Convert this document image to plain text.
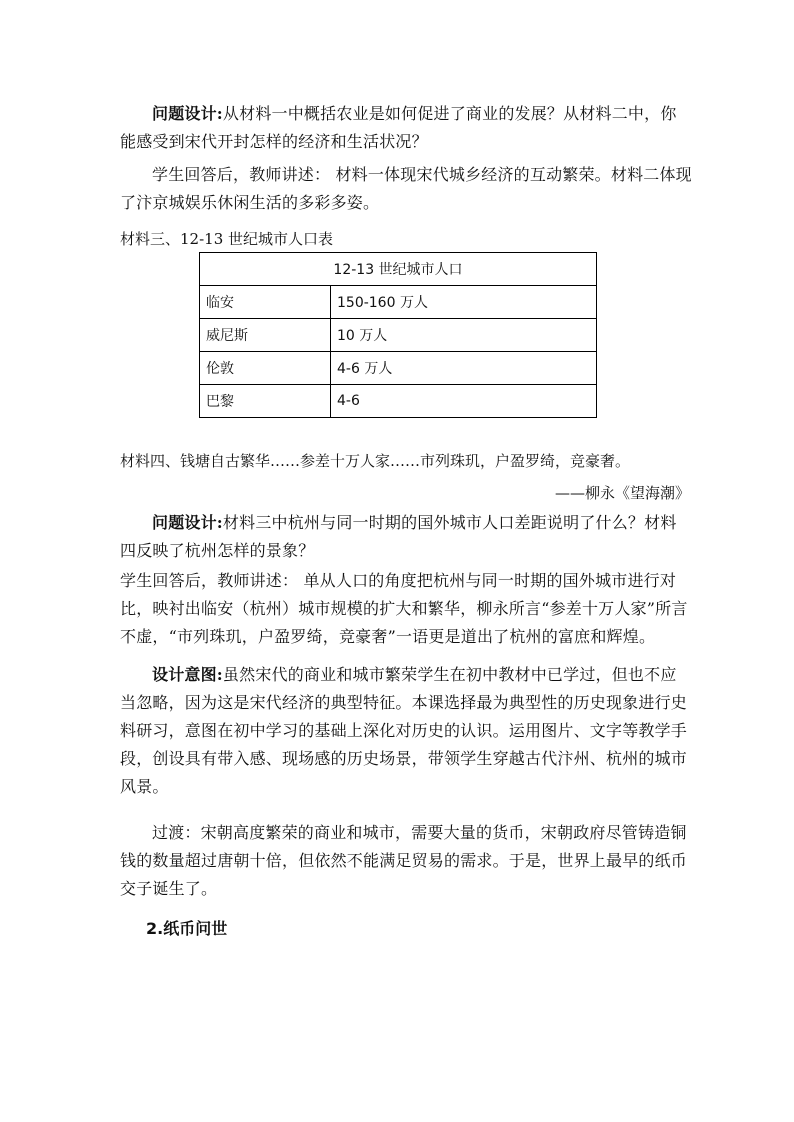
问题设计:从材料一中概括农业是如何促进了商业的发展？从材料二中，你能感受到宋代开封怎样的经济和生活状况？

学生回答后，教师讲述： 材料一体现宋代城乡经济的互动繁荣。材料二体现了汴京城娱乐休闲生活的多彩多姿。

材料三、12-13 世纪城市人口表
12-13 世纪城市人口	
临安	150-160 万人
威尼斯	10 万人
伦敦	4-6 万人
巴黎	4-6
材料四、钱塘自古繁华……参差十万人家……市列珠玑，户盈罗绮，竞豪奢。
——柳永《望海潮》

问题设计:材料三中杭州与同一时期的国外城市人口差距说明了什么？材料四反映了杭州怎样的景象？

学生回答后，教师讲述： 单从人口的角度把杭州与同一时期的国外城市进行对比，映衬出临安（杭州）城市规模的扩大和繁华，柳永所言“参差十万人家”所言不虚，“市列珠玑，户盈罗绮，竞豪奢”一语更是道出了杭州的富庶和辉煌。

设计意图:虽然宋代的商业和城市繁荣学生在初中教材中已学过，但也不应当忽略，因为这是宋代经济的典型特征。本课选择最为典型性的历史现象进行史料研习，意图在初中学习的基础上深化对历史的认识。运用图片、文字等教学手段，创设具有带入感、现场感的历史场景，带领学生穿越古代汴州、杭州的城市风景。

过渡：宋朝高度繁荣的商业和城市，需要大量的货币，宋朝政府尽管铸造铜钱的数量超过唐朝十倍，但依然不能满足贸易的需求。于是，世界上最早的纸币交子诞生了。

2.纸币问世
